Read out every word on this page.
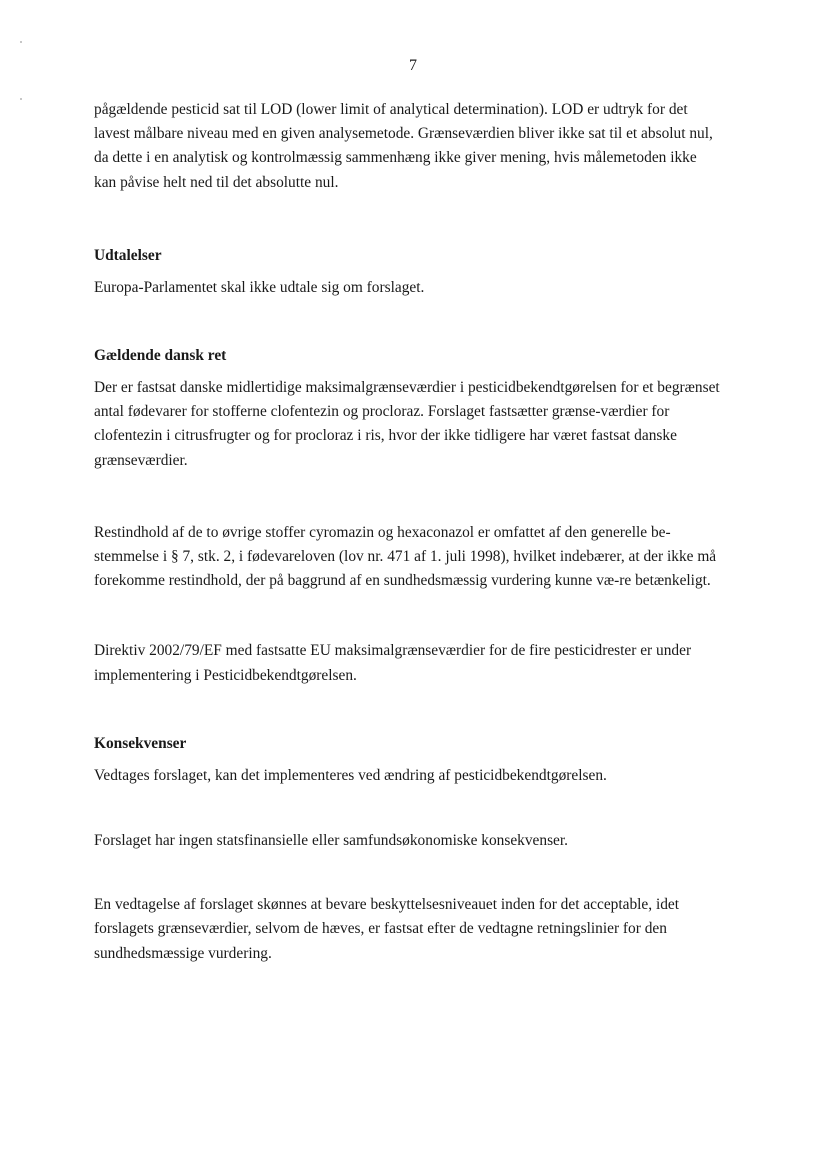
7

pågældende pesticid sat til LOD (lower limit of analytical determination). LOD er udtryk for det lavest målbare niveau med en given analysemetode. Grænseværdien bliver ikke sat til et absolut nul, da dette i en analytisk og kontrolmæssig sammenhæng ikke giver mening, hvis målemetoden ikke kan påvise helt ned til det absolutte nul.

Udtalelser

Europa-Parlamentet skal ikke udtale sig om forslaget.

Gældende dansk ret

Der er fastsat danske midlertidige maksimalgrænseværdier i pesticidbekendtgørelsen for et begrænset antal fødevarer for stofferne clofentezin og procloraz. Forslaget fastsætter grænse-værdier for clofentezin i citrusfrugter og for procloraz i ris, hvor der ikke tidligere har været fastsat danske grænseværdier.

Restindhold af de to øvrige stoffer cyromazin og hexaconazol er omfattet af den generelle be-stemmelse i § 7, stk. 2, i fødevareloven (lov nr. 471 af 1. juli 1998), hvilket indebærer, at der ikke må forekomme restindhold, der på baggrund af en sundhedsmæssig vurdering kunne væ-re betænkeligt.

Direktiv 2002/79/EF med fastsatte EU maksimalgrænseværdier for de fire pesticidrester er under implementering i Pesticidbekendtgørelsen.

Konsekvenser

Vedtages forslaget, kan det implementeres ved ændring af pesticidbekendtgørelsen.

Forslaget har ingen statsfinansielle eller samfundsøkonomiske konsekvenser.

En vedtagelse af forslaget skønnes at bevare beskyttelsesniveauet inden for det acceptable, idet forslagets grænseværdier, selvom de hæves, er fastsat efter de vedtagne retningslinier for den sundhedsmæssige vurdering.
